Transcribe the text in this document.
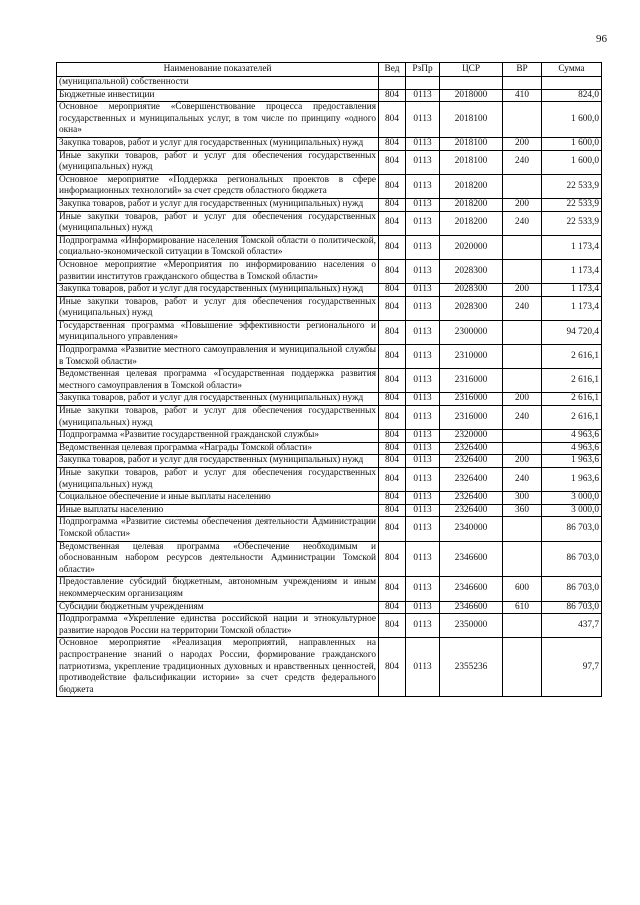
96
Наименование показателей	Вед	РзПр	ЦСР	ВР	Сумма
(муниципальной) собственности					
Бюджетные инвестиции	804	0113	2018000	410	824,0
Основное мероприятие «Совершенствование процесса предоставления государственных и муниципальных услуг, в том числе по принципу «одного окна»	804	0113	2018100		1 600,0
Закупка товаров, работ и услуг для государственных (муниципальных) нужд	804	0113	2018100	200	1 600,0
Иные закупки товаров, работ и услуг для обеспечения государственных (муниципальных) нужд	804	0113	2018100	240	1 600,0
Основное мероприятие «Поддержка региональных проектов в сфере информационных технологий» за счет средств областного бюджета	804	0113	2018200		22 533,9
Закупка товаров, работ и услуг для государственных (муниципальных) нужд	804	0113	2018200	200	22 533,9
Иные закупки товаров, работ и услуг для обеспечения государственных (муниципальных) нужд	804	0113	2018200	240	22 533,9
Подпрограмма «Информирование населения Томской области о политической, социально-экономической ситуации в Томской области»	804	0113	2020000		1 173,4
Основное мероприятие «Мероприятия по информированию населения о развитии институтов гражданского общества в Томской области»	804	0113	2028300		1 173,4
Закупка товаров, работ и услуг для государственных (муниципальных) нужд	804	0113	2028300	200	1 173,4
Иные закупки товаров, работ и услуг для обеспечения государственных (муниципальных) нужд	804	0113	2028300	240	1 173,4
Государственная программа «Повышение эффективности регионального и муниципального управления»	804	0113	2300000		94 720,4
Подпрограмма «Развитие местного самоуправления и муниципальной службы в Томской области»	804	0113	2310000		2 616,1
Ведомственная целевая программа «Государственная поддержка развития местного самоуправления в Томской области»	804	0113	2316000		2 616,1
Закупка товаров, работ и услуг для государственных (муниципальных) нужд	804	0113	2316000	200	2 616,1
Иные закупки товаров, работ и услуг для обеспечения государственных (муниципальных) нужд	804	0113	2316000	240	2 616,1
Подпрограмма «Развитие государственной гражданской службы»	804	0113	2320000		4 963,6
Ведомственная целевая программа «Награды Томской области»	804	0113	2326400		4 963,6
Закупка товаров, работ и услуг для государственных (муниципальных) нужд	804	0113	2326400	200	1 963,6
Иные закупки товаров, работ и услуг для обеспечения государственных (муниципальных) нужд	804	0113	2326400	240	1 963,6
Социальное обеспечение и иные выплаты населению	804	0113	2326400	300	3 000,0
Иные выплаты населению	804	0113	2326400	360	3 000,0
Подпрограмма «Развитие системы обеспечения деятельности Администрации Томской области»	804	0113	2340000		86 703,0
Ведомственная целевая программа «Обеспечение необходимым и обоснованным набором ресурсов деятельности Администрации Томской области»	804	0113	2346600		86 703,0
Предоставление субсидий бюджетным, автономным учреждениям и иным некоммерческим организациям	804	0113	2346600	600	86 703,0
Субсидии бюджетным учреждениям	804	0113	2346600	610	86 703,0
Подпрограмма «Укрепление единства российской нации и этнокультурное развитие народов России на территории Томской области»	804	0113	2350000		437,7
Основное мероприятие «Реализация мероприятий, направленных на распространение знаний о народах России, формирование гражданского патриотизма, укрепление традиционных духовных и нравственных ценностей, противодействие фальсификации истории» за счет средств федерального бюджета	804	0113	2355236		97,7
